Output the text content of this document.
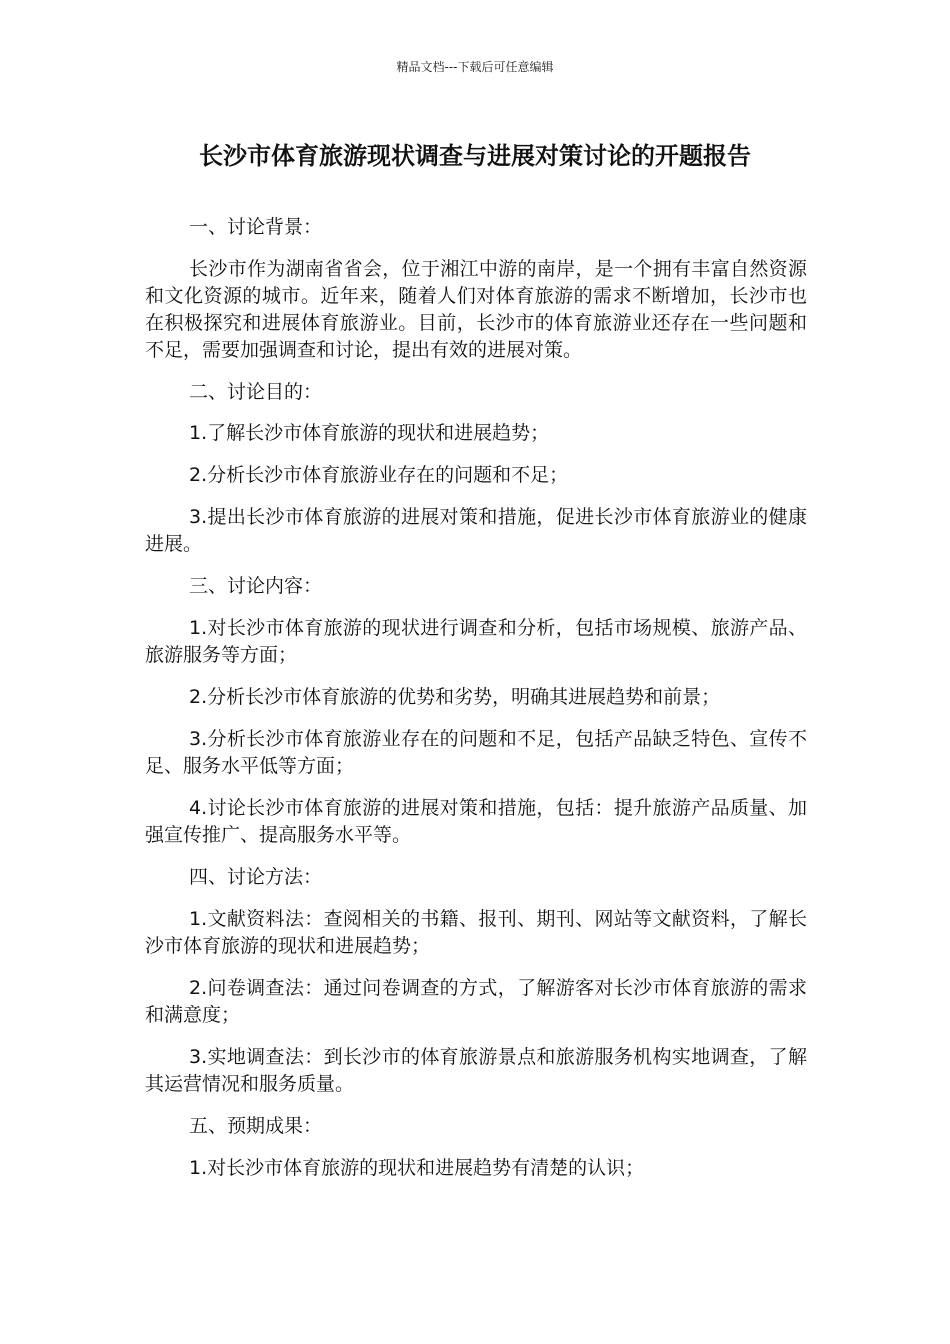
精品文档---下载后可任意编辑
长沙市体育旅游现状调查与进展对策讨论的开题报告

一、讨论背景：

长沙市作为湖南省省会，位于湘江中游的南岸，是一个拥有丰富自然资源和文化资源的城市。近年来，随着人们对体育旅游的需求不断增加，长沙市也在积极探究和进展体育旅游业。目前，长沙市的体育旅游业还存在一些问题和不足，需要加强调查和讨论，提出有效的进展对策。

二、讨论目的：

1.了解长沙市体育旅游的现状和进展趋势；

2.分析长沙市体育旅游业存在的问题和不足；

3.提出长沙市体育旅游的进展对策和措施，促进长沙市体育旅游业的健康进展。

三、讨论内容：

1.对长沙市体育旅游的现状进行调查和分析，包括市场规模、旅游产品、旅游服务等方面；

2.分析长沙市体育旅游的优势和劣势，明确其进展趋势和前景；

3.分析长沙市体育旅游业存在的问题和不足，包括产品缺乏特色、宣传不足、服务水平低等方面；

4.讨论长沙市体育旅游的进展对策和措施，包括：提升旅游产品质量、加强宣传推广、提高服务水平等。

四、讨论方法：

1.文献资料法：查阅相关的书籍、报刊、期刊、网站等文献资料，了解长沙市体育旅游的现状和进展趋势；

2.问卷调查法：通过问卷调查的方式，了解游客对长沙市体育旅游的需求和满意度；

3.实地调查法：到长沙市的体育旅游景点和旅游服务机构实地调查，了解其运营情况和服务质量。

五、预期成果：

1.对长沙市体育旅游的现状和进展趋势有清楚的认识；
